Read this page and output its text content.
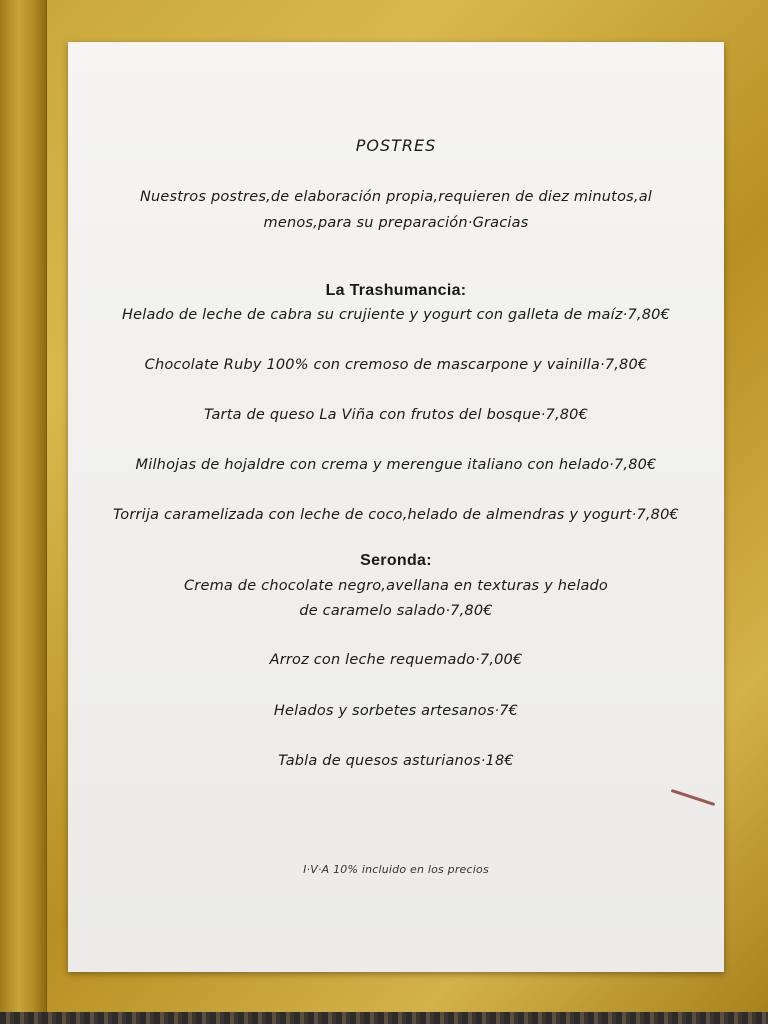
POSTRES
Nuestros postres,de elaboración propia,requieren de diez minutos,al
menos,para su preparación·Gracias
La Trashumancia:
Helado de leche de cabra su crujiente y yogurt con galleta de maíz·7,80€
Chocolate Ruby 100% con cremoso de mascarpone y vainilla·7,80€
Tarta de queso La Viña con frutos del bosque·7,80€
Milhojas de hojaldre con crema y merengue italiano con helado·7,80€
Torrija caramelizada con leche de coco,helado de almendras y yogurt·7,80€
Seronda:
Crema de chocolate negro,avellana en texturas y helado
de caramelo salado·7,80€
Arroz con leche requemado·7,00€
Helados y sorbetes artesanos·7€
Tabla de quesos asturianos·18€
I·V·A 10% incluido en los precios
